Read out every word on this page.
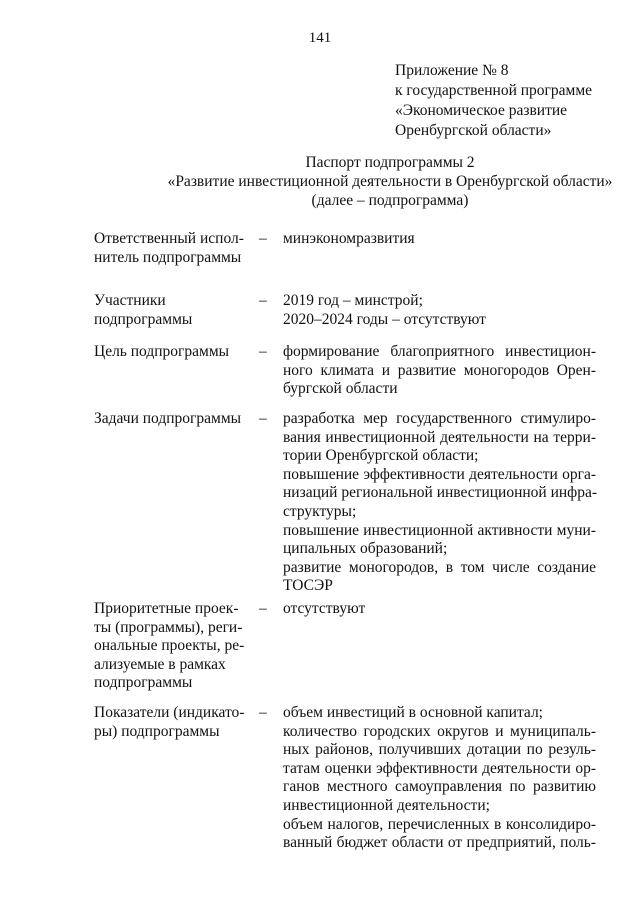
141
Приложение № 8
к государственной программе
«Экономическое развитие
Оренбургской области»
Паспорт подпрограммы 2
«Развитие инвестиционной деятельности в Оренбургской области»
(далее – подпрограмма)
Ответственный испол-
нитель подпрограммы
– минэкономразвития
Участники
подпрограммы
– 2019 год – минстрой;
2020–2024 годы – отсутствуют
Цель подпрограммы	– формирование благоприятного инвестицион-
ного климата и развитие моногородов Орен-
бургской области
Задачи подпрограммы	– разработка мер государственного стимулиро-
вания инвестиционной деятельности на терри-
тории Оренбургской области;
повышение эффективности деятельности орга-
низаций региональной инвестиционной инфра-
структуры;
повышение инвестиционной активности муни-
ципальных образований;
развитие моногородов, в том числе создание
ТОСЭР
Приоритетные проек-
ты (программы), реги-
ональные проекты, ре-
ализуемые в рамках
подпрограммы
– отсутствуют
Показатели (индикато-
ры) подпрограммы
– объем инвестиций в основной капитал;
количество городских округов и муниципаль-
ных районов, получивших дотации по резуль-
татам оценки эффективности деятельности ор-
ганов местного самоуправления по развитию
инвестиционной деятельности;
объем налогов, перечисленных в консолидиро-
ванный бюджет области от предприятий, поль-
